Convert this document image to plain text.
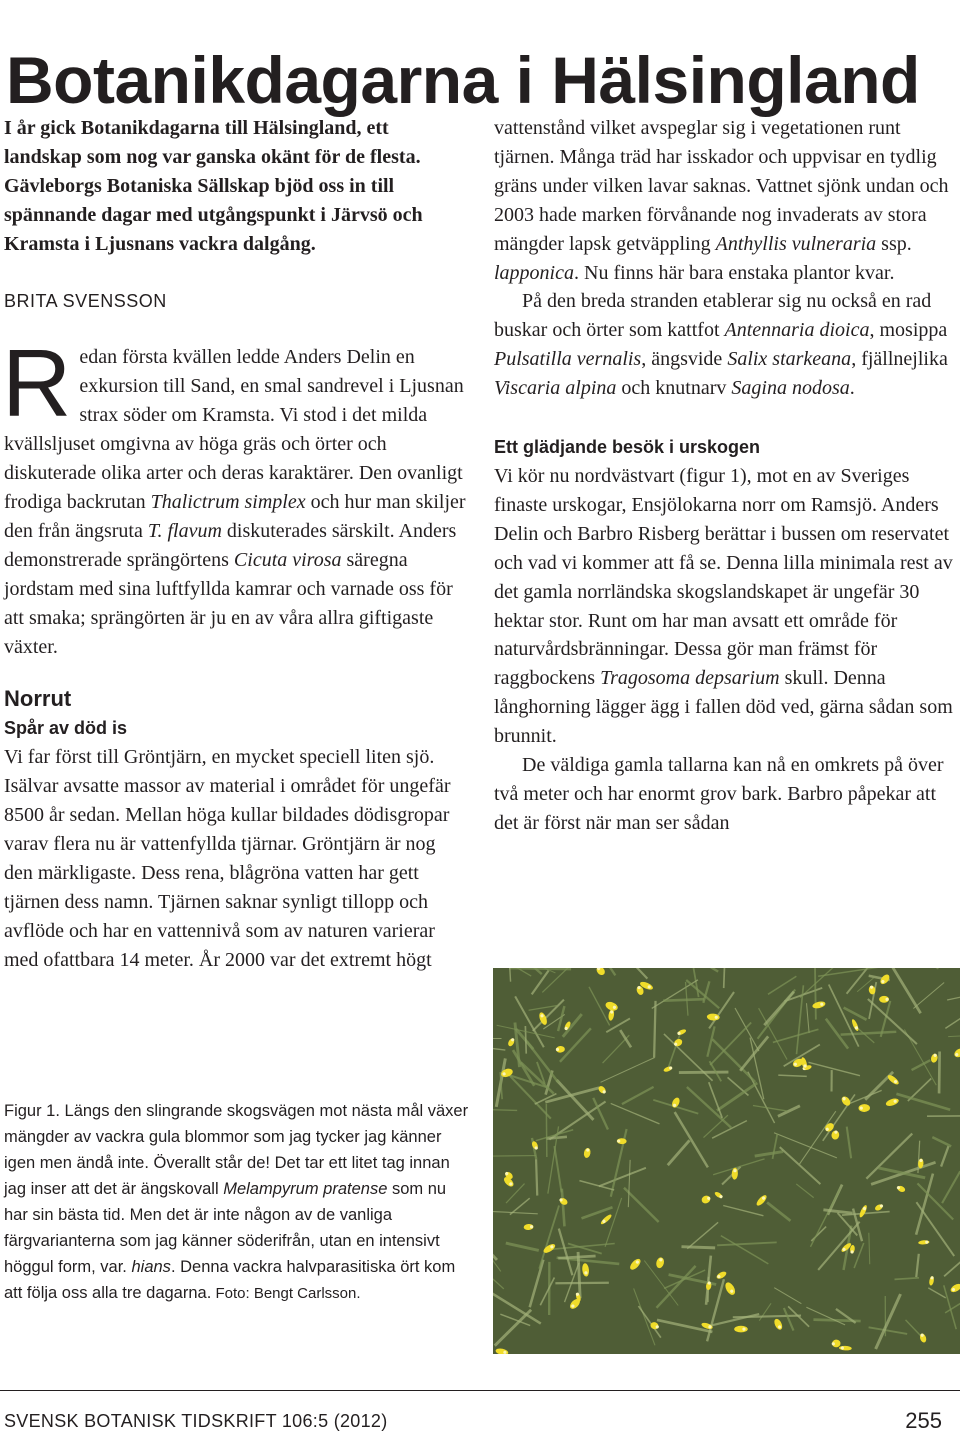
Botanikdagarna i Hälsingland

I år gick Botanikdagarna till Hälsingland, ett landskap som nog var ganska okänt för de flesta. Gävleborgs Botaniska Sällskap bjöd oss in till spännande dagar med utgångspunkt i Järvsö och Kramsta i Ljusnans vackra dalgång.

BRITA SVENSSON

Redan första kvällen ledde Anders Delin en exkursion till Sand, en smal sandrevel i Ljusnan strax söder om Kramsta. Vi stod i det milda kvällsljuset omgivna av höga gräs och örter och diskuterade olika arter och deras karaktärer. Den ovanligt frodiga backrutan Thalictrum simplex och hur man skiljer den från ängsruta T. flavum diskuterades särskilt. Anders demonstrerade sprängörtens Cicuta virosa säregna jordstam med sina luftfyllda kamrar och varnade oss för att smaka; sprängörten är ju en av våra allra giftigaste växter.

Norrut

Spår av död is

Vi far först till Gröntjärn, en mycket speciell liten sjö. Isälvar avsatte massor av material i området för ungefär 8500 år sedan. Mellan höga kullar bildades dödisgropar varav flera nu är vattenfyllda tjärnar. Gröntjärn är nog den märkligaste. Dess rena, blågröna vatten har gett tjärnen dess namn. Tjärnen saknar synligt tillopp och avflöde och har en vattennivå som av naturen varierar med ofattbara 14 meter. År 2000 var det extremt högt

vattenstånd vilket avspeglar sig i vegetationen runt tjärnen. Många träd har isskador och uppvisar en tydlig gräns under vilken lavar saknas. Vattnet sjönk undan och 2003 hade marken förvånande nog invaderats av stora mängder lapsk getväppling Anthyllis vulneraria ssp. lapponica. Nu finns här bara enstaka plantor kvar.

På den breda stranden etablerar sig nu också en rad buskar och örter som kattfot Antennaria dioica, mosippa Pulsatilla vernalis, ängsvide Salix starkeana, fjällnejlika Viscaria alpina och knutnarv Sagina nodosa.

Ett glädjande besök i urskogen

Vi kör nu nordvästvart (figur 1), mot en av Sveriges finaste urskogar, Ensjölokarna norr om Ramsjö. Anders Delin och Barbro Risberg berättar i bussen om reservatet och vad vi kommer att få se. Denna lilla minimala rest av det gamla norrländska skogslandskapet är ungefär 30 hektar stor. Runt om har man avsatt ett område för naturvårdsbränningar. Dessa gör man främst för raggbockens Tragosoma depsarium skull. Denna långhorning lägger ägg i fallen död ved, gärna sådan som brunnit.

De väldiga gamla tallarna kan nå en omkrets på över två meter och har enormt grov bark. Barbro påpekar att det är först när man ser sådan

Figur 1. Längs den slingrande skogsvägen mot nästa mål växer mängder av vackra gula blommor som jag tycker jag känner igen men ändå inte. Överallt står de! Det tar ett litet tag innan jag inser att det är ängskovall Melampyrum pratense som nu har sin bästa tid. Men det är inte någon av de vanliga färgvarianterna som jag känner söderifrån, utan en intensivt höggul form, var. hians. Denna vackra halvparasitiska ört kom att följa oss alla tre dagarna. Foto: Bengt Carlsson.
SVENSK BOTANISK TIDSKRIFT 106:5 (2012)	255
